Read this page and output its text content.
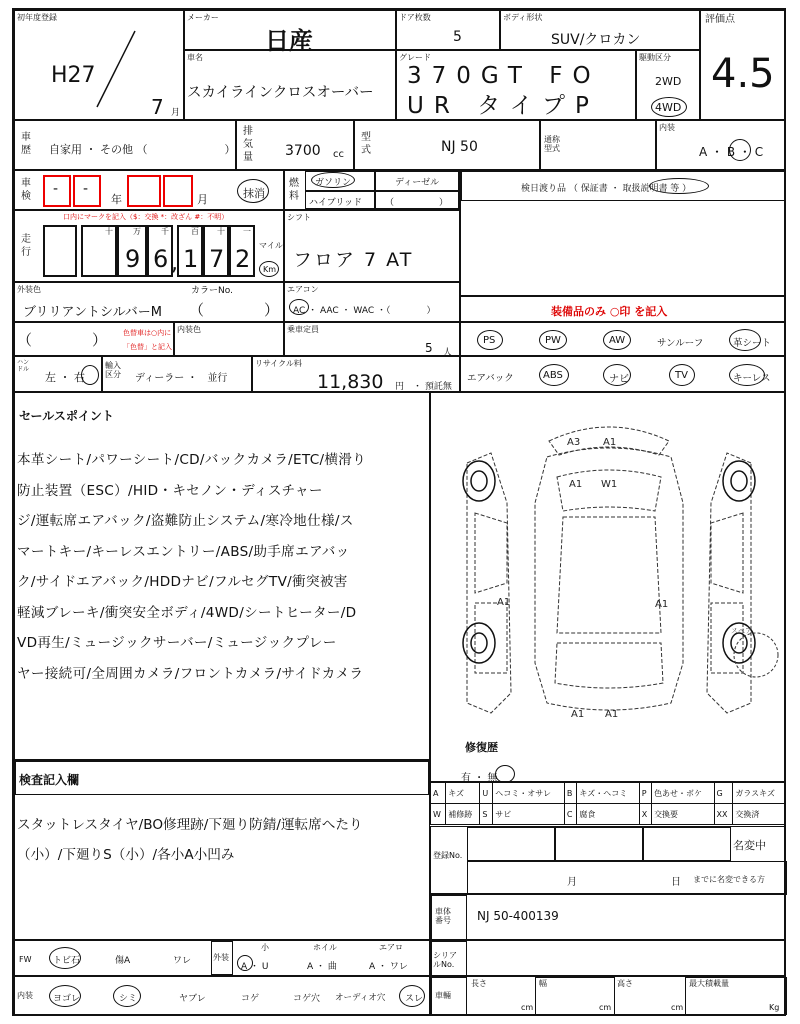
初年度登録
H27
7 月
メーカー
日産
ドア枚数
5
ボディ形状
SUV/クロカン
評価点
4.5
車名
スカイラインクロスオーバー
グレード
370GT FO
UR タイプP
駆動区分
2WD
4WD
車歴 自家用 ・ その他 （　　　　　　　）
排気量 3700 cc
型式	NJ 50	通称型式
内装
A ・ B ・ C
車検 - -
年	月	抹消
燃料
ガソリン	ディーゼル
ハイブリッド	（　　　　　）
検日渡り品 （ 保証書 ・ 取扱説明書 等 ）
走行
口内にマークを記入（$：交換 *：改ざん #：不明）
十	万	千	百 十 一
9 6 , 1 7 2 マイル
Km
シフト
フロア 7 AT
外装色	カラーNo.
ブリリアントシルバーM （　　　　）
エアコン
AC ・ AAC ・ WAC ・（　　　　）	装備品のみ ○印 を記入
（　　　　） 色替車は○内に
「色替」と記入
内装色	乗車定員
5 人
PS	PW	AW	サンルーフ	革シート
ハンドル
左 ・ 右
輸入区分	ディーラー ・　並行
リサイクル料
11,830 円 ・ 預託無
エアバック	ABS	ナビ	TV	キーレス
セールスポイント
本革シート/パワーシート/CD/バックカメラ/ETC/横滑り
防止装置（ESC）/HID・キセノン・ディスチャー
ジ/運転席エアバック/盗難防止システム/寒冷地仕様/ス
マートキー/キーレスエントリー/ABS/助手席エアバッ
ク/サイドエアバック/HDDナビ/フルセグTV/衝突被害
軽減ブレーキ/衝突安全ボディ/4WD/シートヒーター/D
VD再生/ミュージックサーバー/ミュージックプレー
ヤー接続可/全周囲カメラ/フロントカメラ/サイドカメラ
A3 A1
A1 W1
A1	A1
A1 A1
スペア
修復歴
有 ・ 無
検査記入欄
スタットレスタイヤ/BO修理跡/下廻り防錆/運転席へたり
（小）/下廻りS（小）/各小A小凹み
A	キズ	U	ヘコミ・オサレ	B	キズ・ヘコミ	P	色あせ・ボケ	G	ガラスキズ
W	補修跡	S	サビ	C	腐食	X	交換要	XX	交換済
登録No.
名変中
月	日 までに名変できる方
車体番号	NJ 50-400139
FW トビ石	傷A	ワレ	外装
小	ホイル	エアロ
A ・ U	A ・ 曲	A ・ ワレ
シリアルNo.
内装 ヨゴレ	シミ	ヤブレ	コゲ	コゲ穴 オーディオ穴 スレ 車輛
長さ
cm
幅
cm
高さ
cm
最大積載量
Kg
